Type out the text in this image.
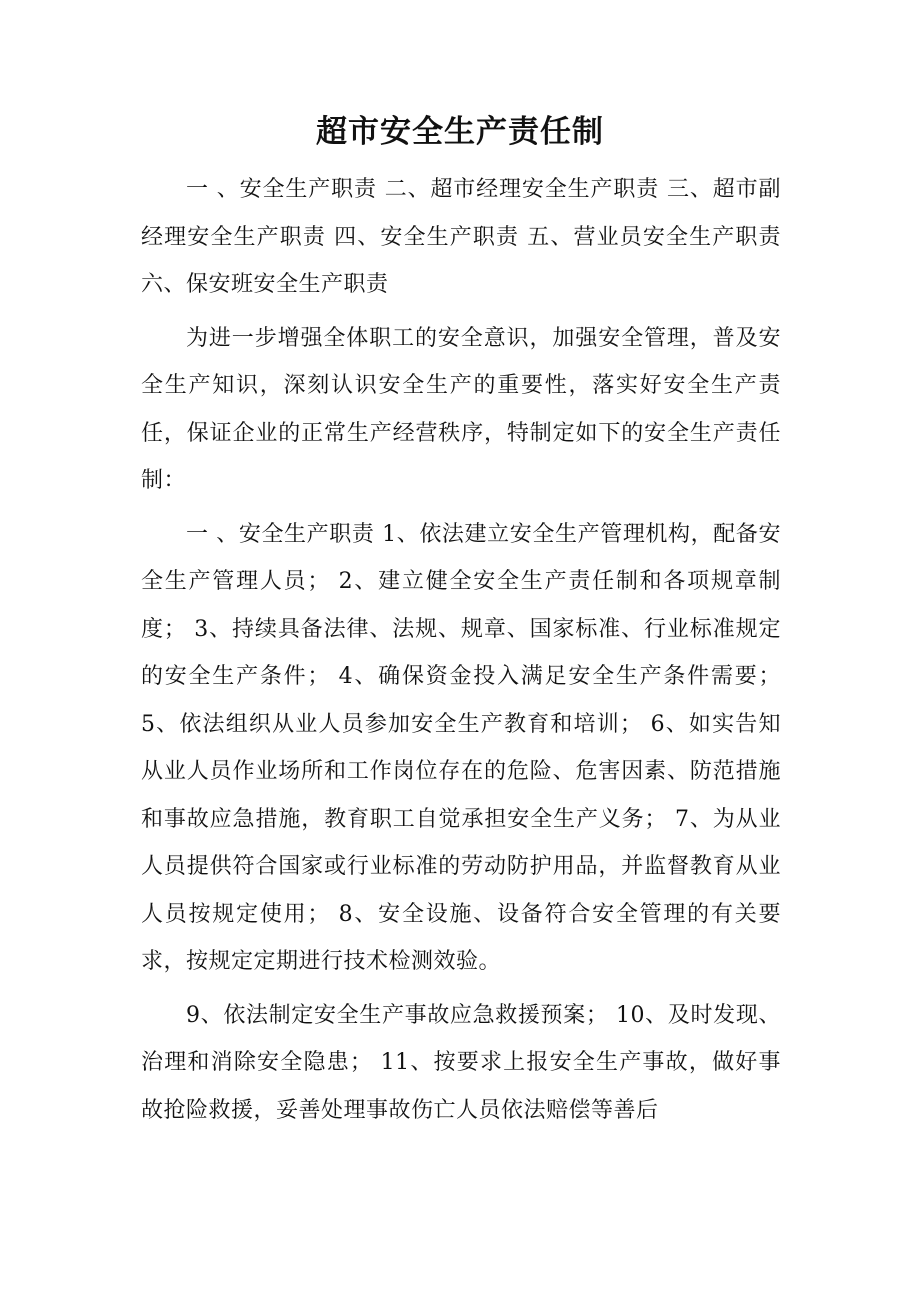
超市安全生产责任制

一 、安全生产职责 二、超市经理安全生产职责 三、超市副经理安全生产职责 四、安全生产职责 五、营业员安全生产职责 六、保安班安全生产职责

为进一步增强全体职工的安全意识，加强安全管理，普及安全生产知识，深刻认识安全生产的重要性，落实好安全生产责任，保证企业的正常生产经营秩序，特制定如下的安全生产责任制：

一 、安全生产职责 1、依法建立安全生产管理机构，配备安全生产管理人员； 2、建立健全安全生产责任制和各项规章制度； 3、持续具备法律、法规、规章、国家标准、行业标准规定的安全生产条件； 4、确保资金投入满足安全生产条件需要； 5、依法组织从业人员参加安全生产教育和培训； 6、如实告知从业人员作业场所和工作岗位存在的危险、危害因素、防范措施和事故应急措施，教育职工自觉承担安全生产义务； 7、为从业人员提供符合国家或行业标准的劳动防护用品，并监督教育从业人员按规定使用； 8、安全设施、设备符合安全管理的有关要求，按规定定期进行技术检测效验。

9、依法制定安全生产事故应急救援预案； 10、及时发现、治理和消除安全隐患； 11、按要求上报安全生产事故，做好事故抢险救援，妥善处理事故伤亡人员依法赔偿等善后
